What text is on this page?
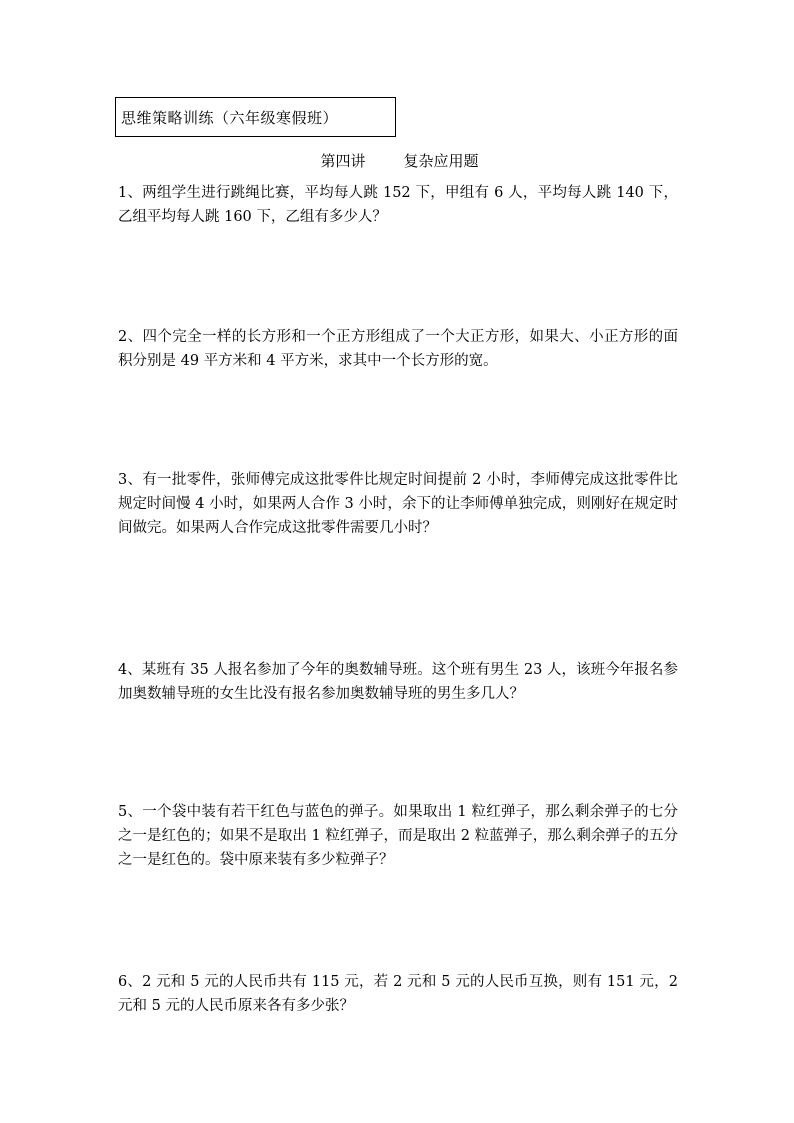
思维策略训练（六年级寒假班）
第四讲	复杂应用题
1、两组学生进行跳绳比赛，平均每人跳 152 下，甲组有 6 人，平均每人跳 140 下，乙组平均每人跳 160 下，乙组有多少人？
2、四个完全一样的长方形和一个正方形组成了一个大正方形，如果大、小正方形的面积分别是 49 平方米和 4 平方米，求其中一个长方形的宽。
3、有一批零件，张师傅完成这批零件比规定时间提前 2 小时，李师傅完成这批零件比规定时间慢 4 小时，如果两人合作 3 小时，余下的让李师傅单独完成，则刚好在规定时间做完。如果两人合作完成这批零件需要几小时？
4、某班有 35 人报名参加了今年的奥数辅导班。这个班有男生 23 人，该班今年报名参加奥数辅导班的女生比没有报名参加奥数辅导班的男生多几人？
5、一个袋中装有若干红色与蓝色的弹子。如果取出 1 粒红弹子，那么剩余弹子的七分之一是红色的；如果不是取出 1 粒红弹子，而是取出 2 粒蓝弹子，那么剩余弹子的五分之一是红色的。袋中原来装有多少粒弹子？
6、2 元和 5 元的人民币共有 115 元，若 2 元和 5 元的人民币互换，则有 151 元，2 元和 5 元的人民币原来各有多少张？
